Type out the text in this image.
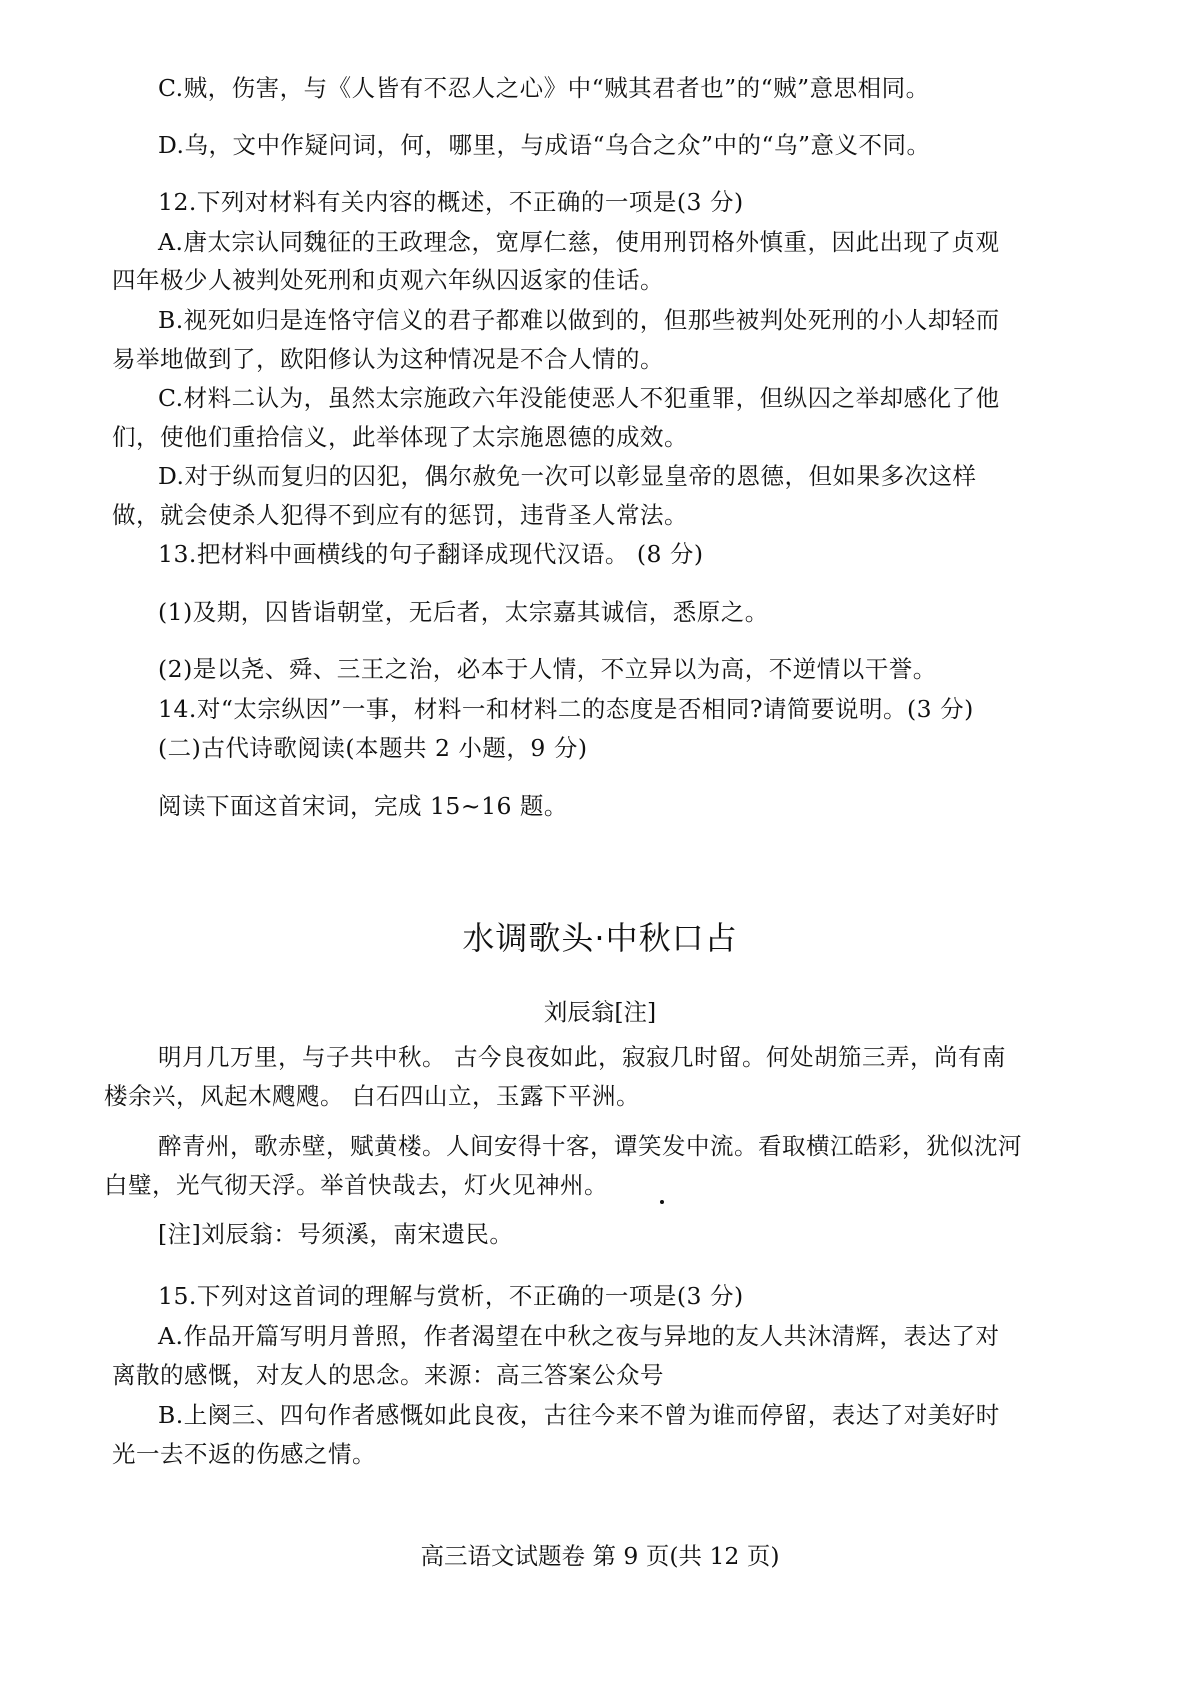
C.贼，伤害，与《人皆有不忍人之心》中“贼其君者也”的“贼”意思相同。
D.乌，文中作疑问词，何，哪里，与成语“乌合之众”中的“乌”意义不同。
12.下列对材料有关内容的概述，不正确的一项是(3 分)
A.唐太宗认同魏征的王政理念，宽厚仁慈，使用刑罚格外慎重，因此出现了贞观
四年极少人被判处死刑和贞观六年纵囚返家的佳话。
B.视死如归是连恪守信义的君子都难以做到的，但那些被判处死刑的小人却轻而
易举地做到了，欧阳修认为这种情况是不合人情的。
C.材料二认为，虽然太宗施政六年没能使恶人不犯重罪，但纵囚之举却感化了他
们，使他们重拾信义，此举体现了太宗施恩德的成效。
D.对于纵而复归的囚犯，偶尔赦免一次可以彰显皇帝的恩德，但如果多次这样
做，就会使杀人犯得不到应有的惩罚，违背圣人常法。
13.把材料中画横线的句子翻译成现代汉语。 (8 分)
(1)及期，囚皆诣朝堂，无后者，太宗嘉其诚信，悉原之。
(2)是以尧、舜、三王之治，必本于人情，不立异以为高，不逆情以干誉。
14.对“太宗纵因”一事，材料一和材料二的态度是否相同?请简要说明。(3 分)
(二)古代诗歌阅读(本题共 2 小题，9 分)
阅读下面这首宋词，完成 15~16 题。
水调歌头·中秋口占
刘辰翁[注]
明月几万里，与子共中秋。 古今良夜如此，寂寂几时留。何处胡笳三弄，尚有南
楼余兴，风起木飕飕。 白石四山立，玉露下平洲。
醉青州，歌赤壁，赋黄楼。人间安得十客，谭笑发中流。看取横江皓彩，犹似沈河
白璧，光气彻天浮。举首快哉去，灯火见神州。
[注]刘辰翁：号须溪，南宋遗民。
15.下列对这首词的理解与赏析，不正确的一项是(3 分)
A.作品开篇写明月普照，作者渴望在中秋之夜与异地的友人共沐清辉，表达了对
离散的感慨，对友人的思念。来源：高三答案公众号
B.上阕三、四句作者感慨如此良夜，古往今来不曾为谁而停留，表达了对美好时
光一去不返的伤感之情。
高三语文试题卷 第 9 页(共 12 页)
